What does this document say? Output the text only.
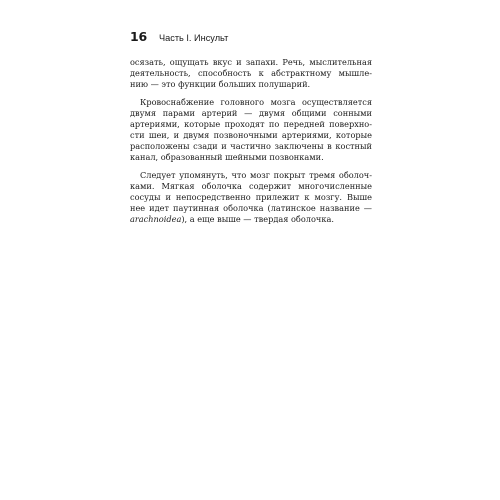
16 Часть I. Инсульт

осязать, ощущать вкус и запахи. Речь, мыслительная
деятельность, способность к абстрактному мышле-
нию — это функции больших полушарий.

Кровоснабжение головного мозга осуществляется
двумя парами артерий — двумя общими сонными
артериями, которые проходят по передней поверхно-
сти шеи, и двумя позвоночными артериями, которые
расположены сзади и частично заключены в костный
канал, образованный шейными позвонками.

Следует упомянуть, что мозг покрыт тремя оболоч-
ками. Мягкая оболочка содержит многочисленные
сосуды и непосредственно прилежит к мозгу. Выше
нее идет паутинная оболочка (латинское название —
arachnoidea), а еще выше — твердая оболочка.
